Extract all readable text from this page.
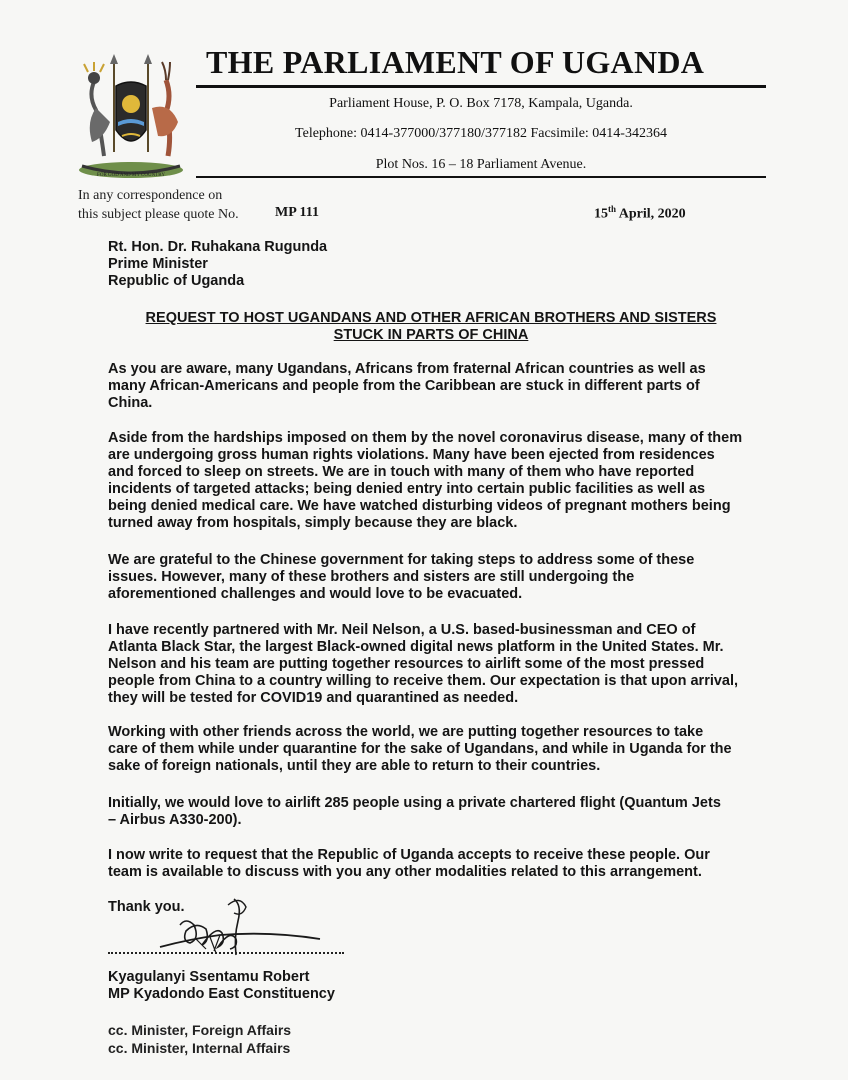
FOR GOD AND MY COUNTRY
THE PARLIAMENT OF UGANDA
Parliament House, P. O. Box 7178, Kampala, Uganda.
Telephone: 0414-377000/377180/377182 Facsimile: 0414-342364
Plot Nos. 16 – 18 Parliament Avenue.
In any correspondence on
this subject please quote No.	MP 111	15th April, 2020
Rt. Hon. Dr. Ruhakana Rugunda
Prime Minister
Republic of Uganda
REQUEST TO HOST UGANDANS AND OTHER AFRICAN BROTHERS AND SISTERS
STUCK IN PARTS OF CHINA
As you are aware, many Ugandans, Africans from fraternal African countries as well as
many African-Americans and people from the Caribbean are stuck in different parts of
China.
Aside from the hardships imposed on them by the novel coronavirus disease, many of them
are undergoing gross human rights violations. Many have been ejected from residences
and forced to sleep on streets. We are in touch with many of them who have reported
incidents of targeted attacks; being denied entry into certain public facilities as well as
being denied medical care. We have watched disturbing videos of pregnant mothers being
turned away from hospitals, simply because they are black.
We are grateful to the Chinese government for taking steps to address some of these
issues. However, many of these brothers and sisters are still undergoing the
aforementioned challenges and would love to be evacuated.
I have recently partnered with Mr. Neil Nelson, a U.S. based-businessman and CEO of
Atlanta Black Star, the largest Black-owned digital news platform in the United States. Mr.
Nelson and his team are putting together resources to airlift some of the most pressed
people from China to a country willing to receive them. Our expectation is that upon arrival,
they will be tested for COVID19 and quarantined as needed.
Working with other friends across the world, we are putting together resources to take
care of them while under quarantine for the sake of Ugandans, and while in Uganda for the
sake of foreign nationals, until they are able to return to their countries.
Initially, we would love to airlift 285 people using a private chartered flight (Quantum Jets
– Airbus A330-200).
I now write to request that the Republic of Uganda accepts to receive these people. Our
team is available to discuss with you any other modalities related to this arrangement.
Thank you.
Kyagulanyi Ssentamu Robert
MP Kyadondo East Constituency
cc. Minister, Foreign Affairs
cc. Minister, Internal Affairs
